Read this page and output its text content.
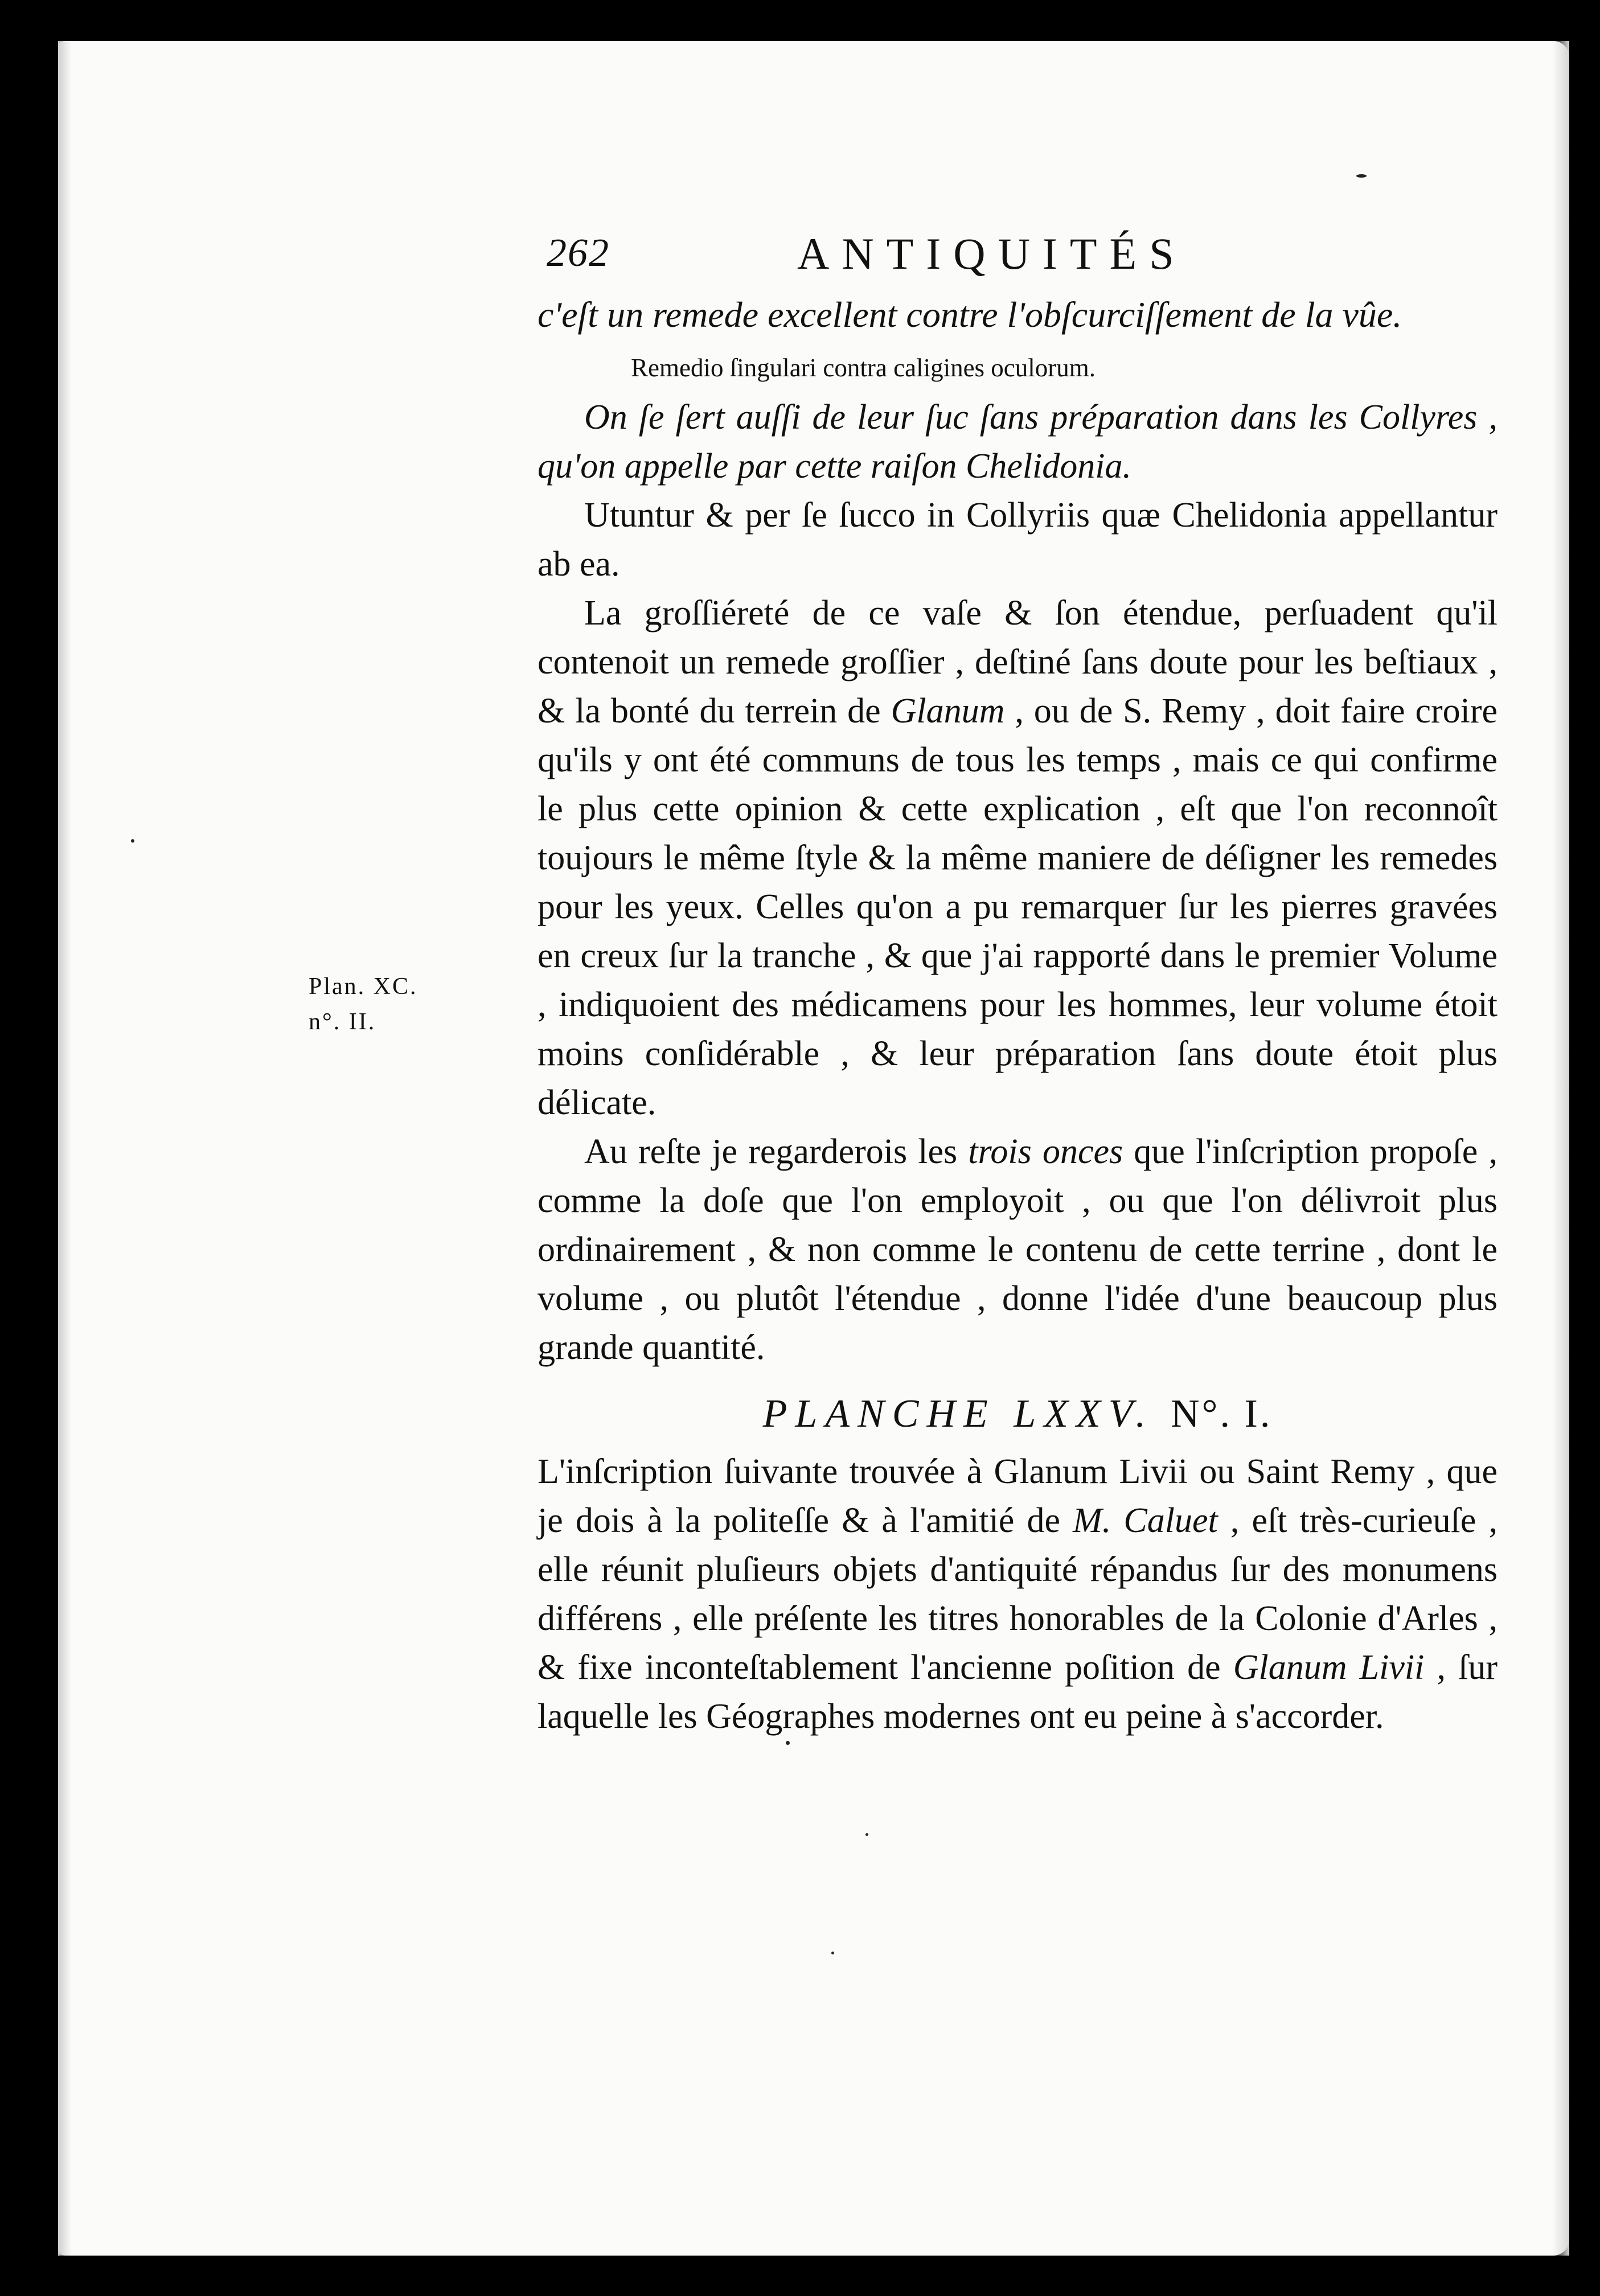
262	ANTIQUITÉS
Plan. XC.
n°. II.

c'eſt un remede excellent contre l'obſcurciſſement de la vûe.

Remedio ſingulari contra caligines oculorum.

On ſe ſert auſſi de leur ſuc ſans préparation dans les Collyres , qu'on appelle par cette raiſon Chelidonia.

Utuntur & per ſe ſucco in Collyriis quæ Chelidonia appellantur ab ea.

La groſſiéreté de ce vaſe & ſon étendue, perſuadent qu'il contenoit un remede groſſier , deſtiné ſans doute pour les beſtiaux , & la bonté du terrein de Glanum , ou de S. Remy , doit faire croire qu'ils y ont été communs de tous les temps , mais ce qui confirme le plus cette opinion & cette explication , eſt que l'on reconnoît toujours le même ſtyle & la même maniere de déſigner les remedes pour les yeux. Celles qu'on a pu remarquer ſur les pierres gravées en creux ſur la tranche , & que j'ai rapporté dans le premier Volume , indiquoient des médicamens pour les hommes, leur volume étoit moins conſidérable , & leur préparation ſans doute étoit plus délicate.

Au reſte je regarderois les trois onces que l'inſcription propoſe , comme la doſe que l'on employoit , ou que l'on délivroit plus ordinairement , & non comme le contenu de cette terrine , dont le volume , ou plutôt l'étendue , donne l'idée d'une beaucoup plus grande quantité.

PLANCHE LXXV. N°. I.

L'inſcription ſuivante trouvée à Glanum Livii ou Saint Remy , que je dois à la politeſſe & à l'amitié de M. Caluet , eſt très-curieuſe , elle réunit pluſieurs objets d'antiquité répandus ſur des monumens différens , elle préſente les titres honorables de la Colonie d'Arles , & fixe inconteſtablement l'ancienne poſition de Glanum Livii , ſur laquelle les Géographes modernes ont eu peine à s'accorder.
